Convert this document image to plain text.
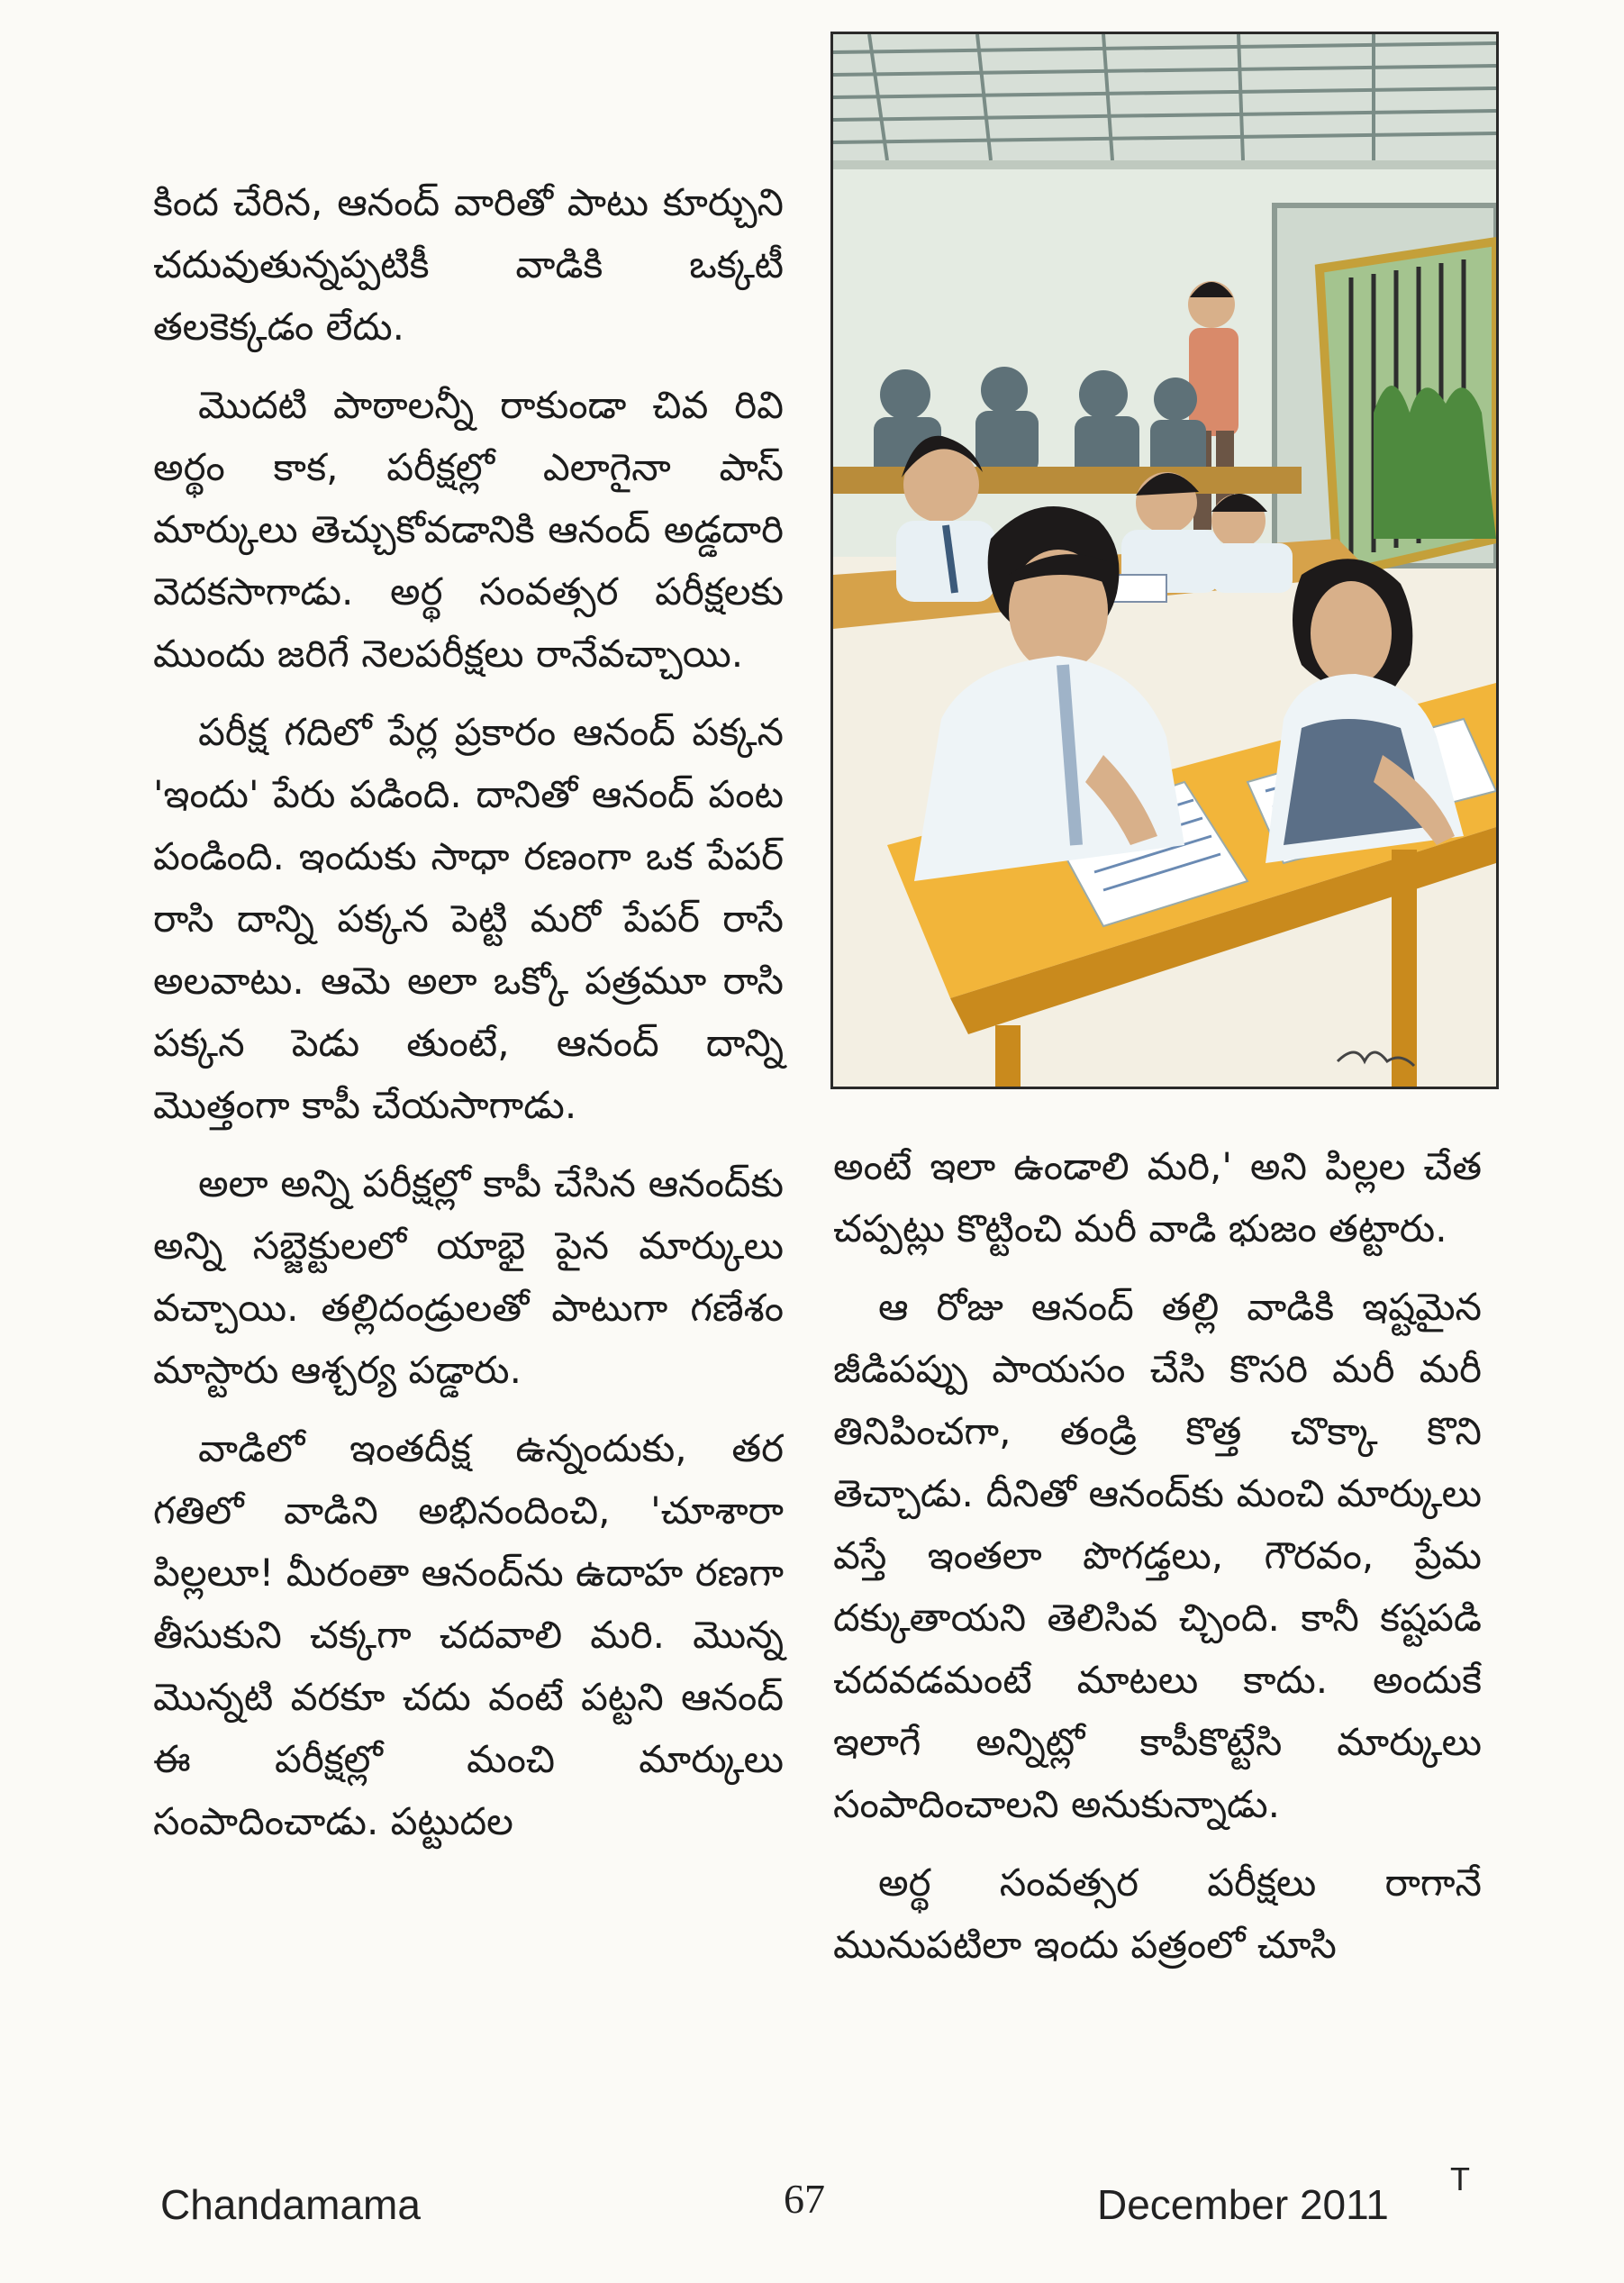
కింద చేరిన, ఆనంద్ వారితో పాటు కూర్చుని చదువుతున్నప్పటికీ వాడికి ఒక్కటీ తలకెక్కడం లేదు.

మొదటి పాఠాలన్నీ రాకుండా చివ రివి అర్థం కాక, పరీక్షల్లో ఎలాగైనా పాస్ మార్కులు తెచ్చుకోవడానికి ఆనంద్ అడ్డదారి వెదకసాగాడు. అర్థ సంవత్సర పరీక్షలకు ముందు జరిగే నెలపరీక్షలు రానేవచ్చాయి.

పరీక్ష గదిలో పేర్ల ప్రకారం ఆనంద్ పక్కన 'ఇందు' పేరు పడింది. దానితో ఆనంద్ పంట పండింది. ఇందుకు సాధా రణంగా ఒక పేపర్ రాసి దాన్ని పక్కన పెట్టి మరో పేపర్ రాసే అలవాటు. ఆమె అలా ఒక్కో పత్రమూ రాసి పక్కన పెడు తుంటే, ఆనంద్ దాన్ని మొత్తంగా కాపీ చేయసాగాడు.

అలా అన్ని పరీక్షల్లో కాపీ చేసిన ఆనంద్‌కు అన్ని సబ్జెక్టులలో యాభై పైన మార్కులు వచ్చాయి. తల్లిదండ్రులతో పాటుగా గణేశం మాస్టారు ఆశ్చర్య పడ్డారు.

వాడిలో ఇంతదీక్ష ఉన్నందుకు, తర గతిలో వాడిని అభినందించి, 'చూశారా పిల్లలూ! మీరంతా ఆనంద్‌ను ఉదాహ రణగా తీసుకుని చక్కగా చదవాలి మరి. మొన్న మొన్నటి వరకూ చదు వంటే పట్టని ఆనంద్ ఈ పరీక్షల్లో మంచి మార్కులు సంపాదించాడు. పట్టుదల

అంటే ఇలా ఉండాలి మరి,' అని పిల్లల చేత చప్పట్లు కొట్టించి మరీ వాడి భుజం తట్టారు.

ఆ రోజు ఆనంద్ తల్లి వాడికి ఇష్టమైన జీడిపప్పు పాయసం చేసి కొసరి మరీ మరీ తినిపించగా, తండ్రి కొత్త చొక్కా కొని తెచ్చాడు. దీనితో ఆనంద్‌కు మంచి మార్కులు వస్తే ఇంతలా పొగడ్తలు, గౌరవం, ప్రేమ దక్కుతాయని తెలిసివ చ్చింది. కానీ కష్టపడి చదవడమంటే మాటలు కాదు. అందుకే ఇలాగే అన్నిట్లో కాపీకొట్టేసి మార్కులు సంపాదించాలని అనుకున్నాడు.

అర్థ సంవత్సర పరీక్షలు రాగానే మునుపటిలా ఇందు పత్రంలో చూసి

Chandamama	67	December 2011
T
